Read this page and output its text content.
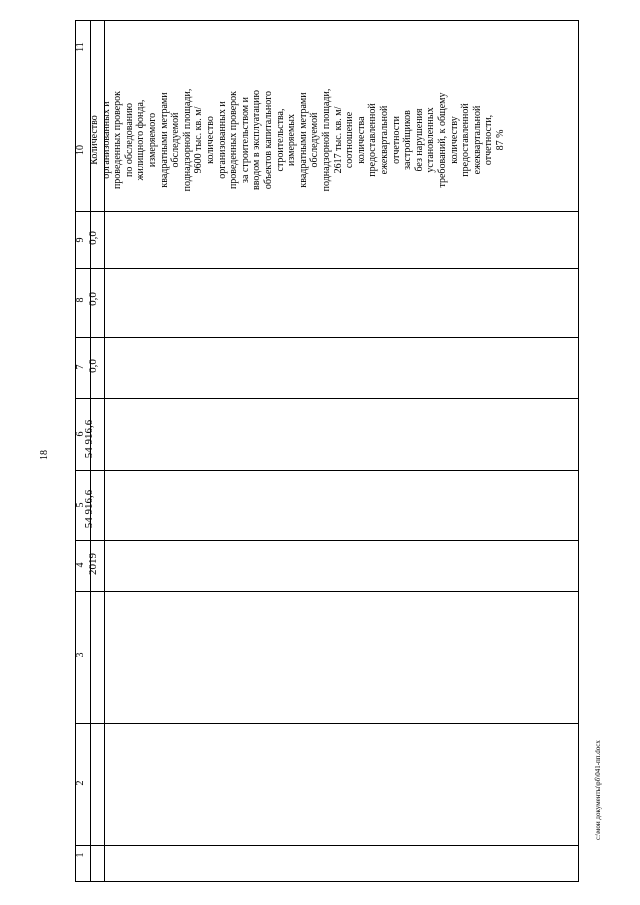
18
c:\мои документы\рб\041-пп.docx
11
10
9
8
7
6
5
4
3
2
1
2019
54 916,6
54 916,6
0,0
0,0
0,0
Количество организованных и проведенных проверок по обследованию жилищного фонда, измеряемого квадратными метрами обследуемой поднадзорной площади, 9600 тыс. кв. м/ количество организованных и проведенных проверок за строительством и вводом в эксплуатацию объектов капитального строительства, измеряемых квадратными метрами обследуемой поднадзорной площади, 2617 тыс. кв. м/ соотношение количества предоставленной ежеквартальной отчетности застройщиков без нарушения установленных требований, к общему количеству предоставленной ежеквартальной отчетности, 87 %
